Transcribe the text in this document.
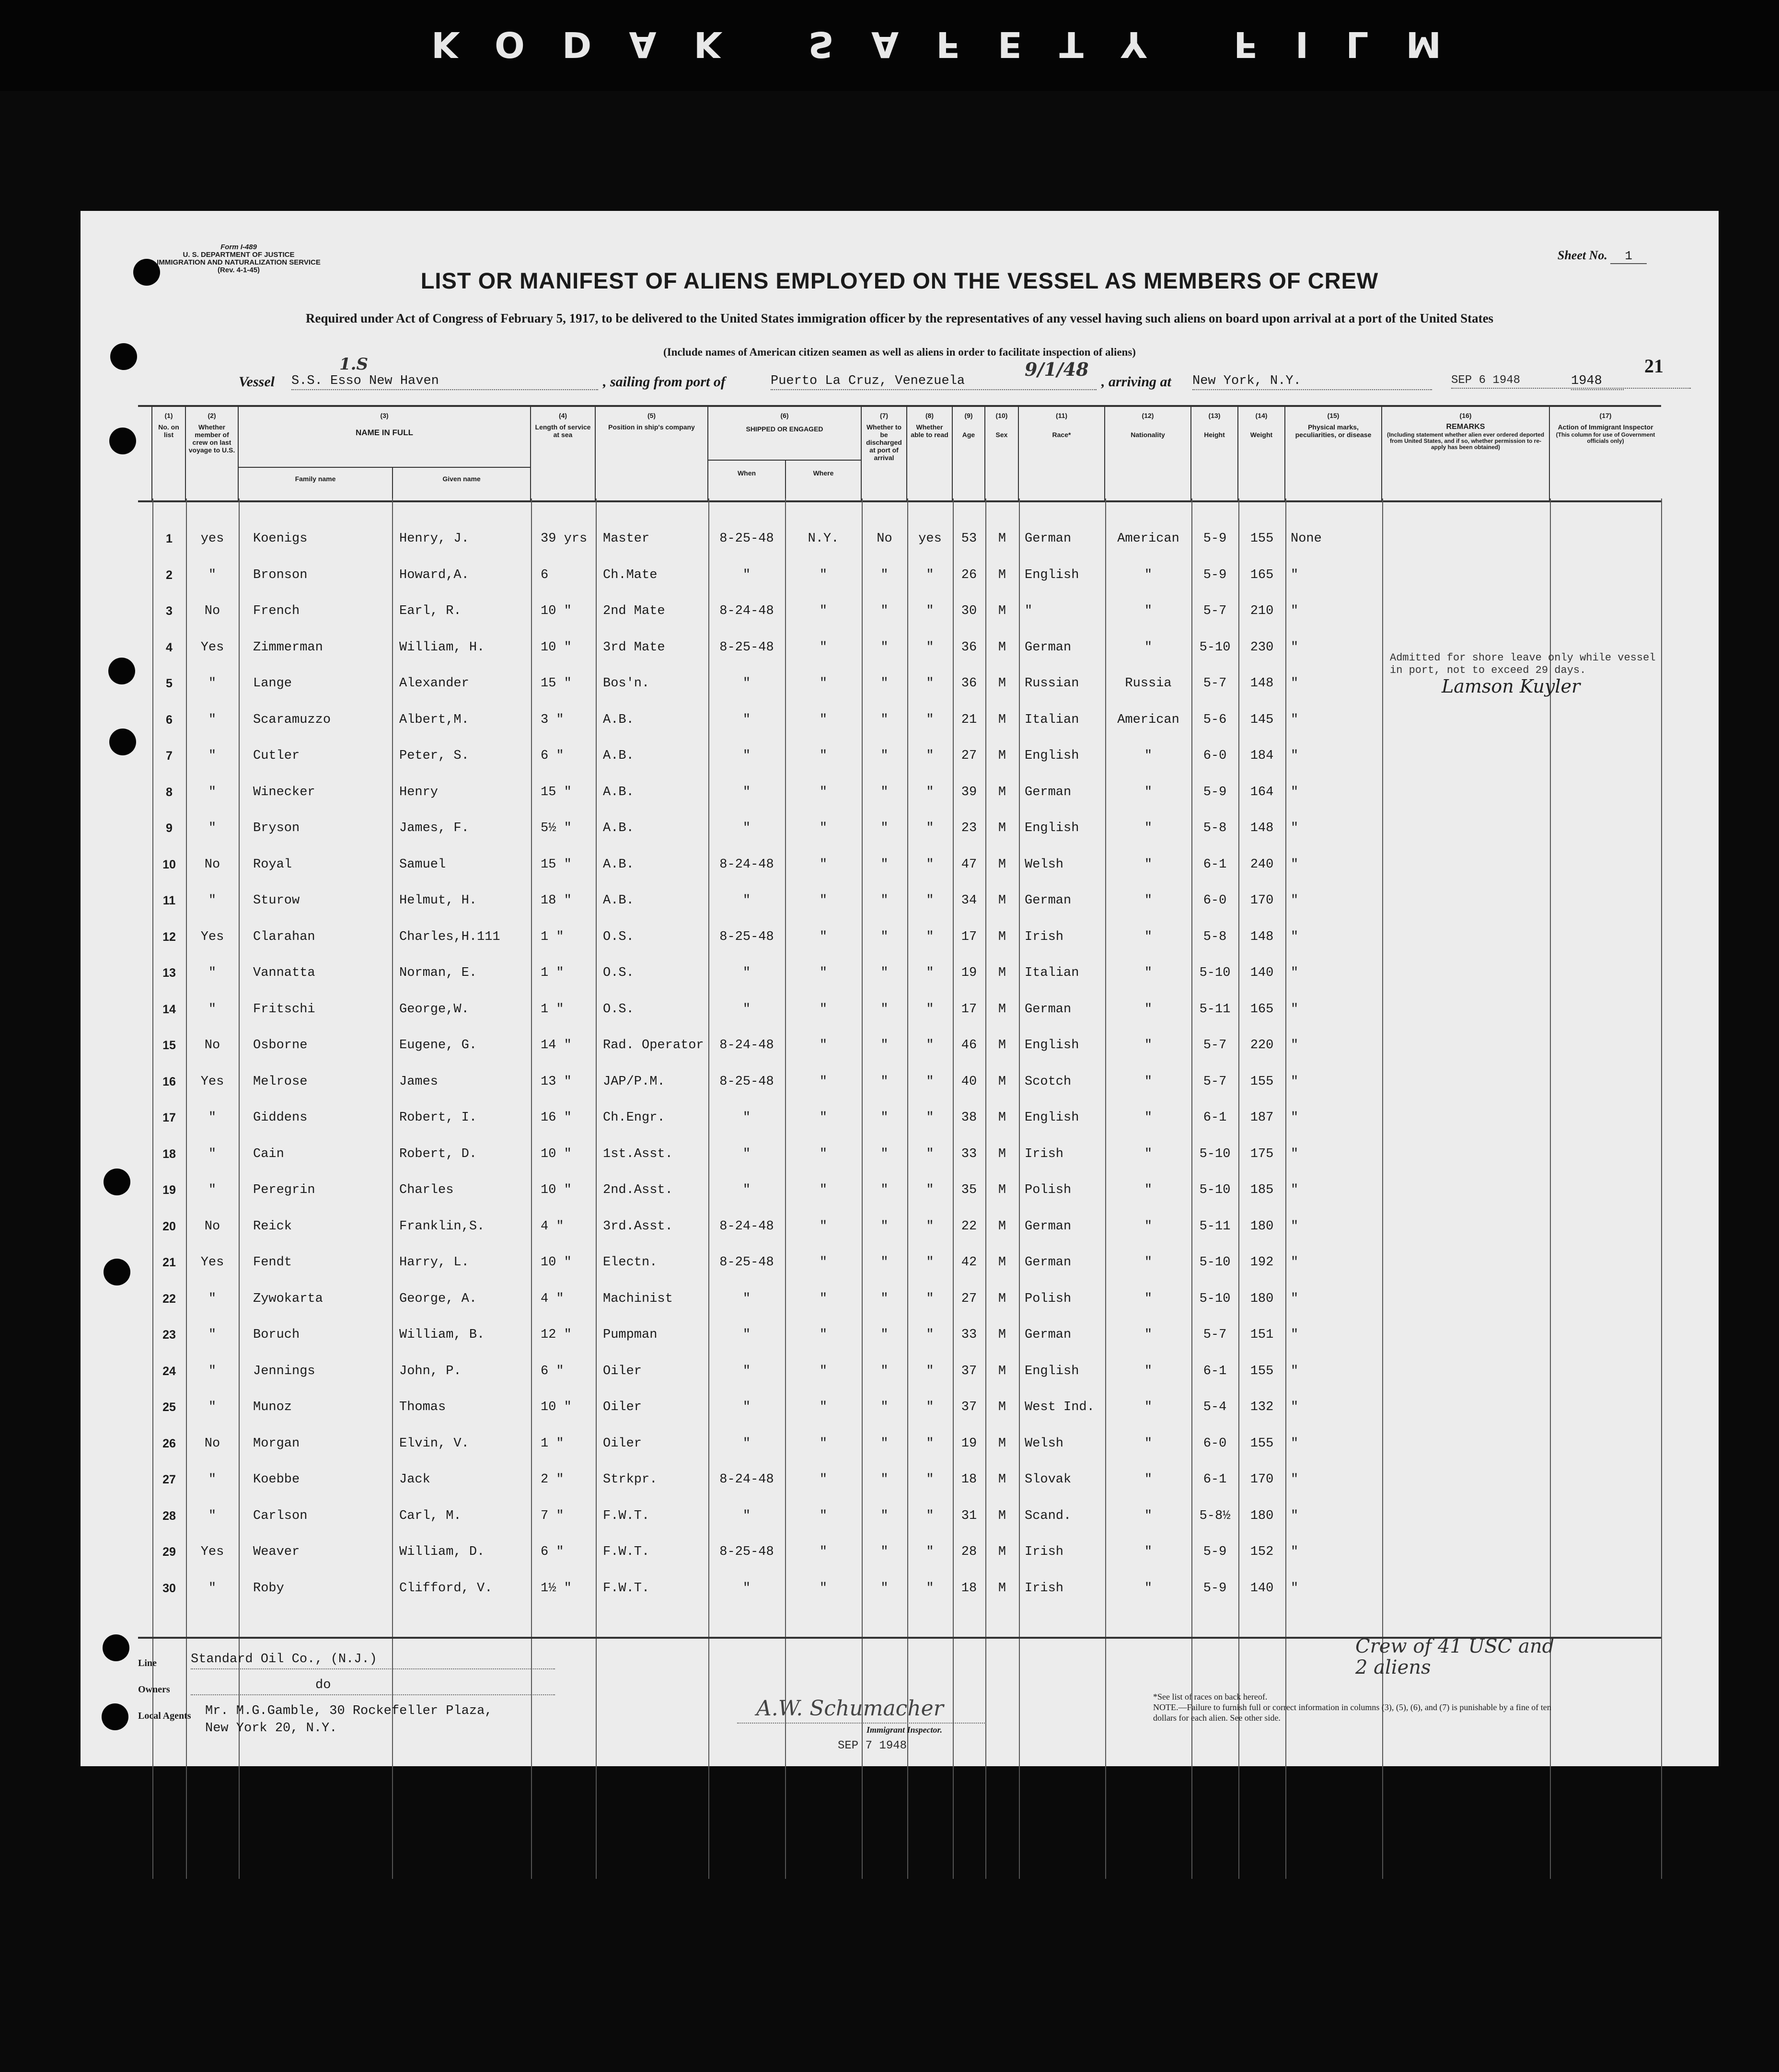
KODAK SAFETY FILM
Form I-489
U. S. DEPARTMENT OF JUSTICE
IMMIGRATION AND NATURALIZATION SERVICE
(Rev. 4-1-45)
Sheet No. 1
LIST OR MANIFEST OF ALIENS EMPLOYED ON THE VESSEL AS MEMBERS OF CREW
Required under Act of Congress of February 5, 1917, to be delivered to the United States immigration officer by the representatives of any vessel having such aliens on board upon arrival at a port of the United States
(Include names of American citizen seamen as well as aliens in order to facilitate inspection of aliens)
21
1.S
Vessel S.S. Esso New Haven	, sailing from port of	Puerto La Cruz, Venezuela
9/1/48
, arriving at New York, N.Y.	SEP 6 1948	1948
(1)
No. on list
(2)
Whether member of crew on last voyage to U.S.
(3)
NAME IN FULL
Family name	Given name
(4)
Length of service at sea
(5)
Position in ship's company
(6)
SHIPPED OR ENGAGED
When	Where
(7)
Whether to be discharged at port of arrival
(8)
Whether able to read
(9)
Age
(10)
Sex
(11)
Race*
(12)
Nationality
(13)
Height
(14)
Weight
(15)
Physical marks, peculiarities, or disease
(16)
REMARKS
(Including statement whether alien ever ordered deported from United States, and if so, whether permission to re-apply has been obtained)
(17)
Action of Immigrant Inspector
(This column for use of Government officials only)
Admitted for shore leave only while vessel in port, not to exceed 29 days.
Lamson Kuyler
1	yes	Koenigs	Henry, J.	39 yrs	Master	8-25-48	N.Y.	No	yes	53	M	German	American	5-9	155	None
2	"	Bronson	Howard,A.	6	Ch.Mate	"	"	"	"	26	M	English	"	5-9	165	"
3	No	French	Earl, R.	10 "	2nd Mate	8-24-48	"	"	"	30	M	"	"	5-7	210	"
4	Yes	Zimmerman	William, H.	10 "	3rd Mate	8-25-48	"	"	"	36	M	German	"	5-10	230	"
5	"	Lange	Alexander	15 "	Bos'n.	"	"	"	"	36	M	Russian	Russia	5-7	148	"
6	"	Scaramuzzo	Albert,M.	3 "	A.B.	"	"	"	"	21	M	Italian	American	5-6	145	"
7	"	Cutler	Peter, S.	6 "	A.B.	"	"	"	"	27	M	English	"	6-0	184	"
8	"	Winecker	Henry	15 "	A.B.	"	"	"	"	39	M	German	"	5-9	164	"
9	"	Bryson	James, F.	5½ "	A.B.	"	"	"	"	23	M	English	"	5-8	148	"
10	No	Royal	Samuel	15 "	A.B.	8-24-48	"	"	"	47	M	Welsh	"	6-1	240	"
11	"	Sturow	Helmut, H.	18 "	A.B.	"	"	"	"	34	M	German	"	6-0	170	"
12	Yes	Clarahan	Charles,H.111	1 "	O.S.	8-25-48	"	"	"	17	M	Irish	"	5-8	148	"
13	"	Vannatta	Norman, E.	1 "	O.S.	"	"	"	"	19	M	Italian	"	5-10	140	"
14	"	Fritschi	George,W.	1 "	O.S.	"	"	"	"	17	M	German	"	5-11	165	"
15	No	Osborne	Eugene, G.	14 "	Rad. Operator	8-24-48	"	"	"	46	M	English	"	5-7	220	"
16	Yes	Melrose	James	13 "	JAP/P.M.	8-25-48	"	"	"	40	M	Scotch	"	5-7	155	"
17	"	Giddens	Robert, I.	16 "	Ch.Engr.	"	"	"	"	38	M	English	"	6-1	187	"
18	"	Cain	Robert, D.	10 "	1st.Asst.	"	"	"	"	33	M	Irish	"	5-10	175	"
19	"	Peregrin	Charles	10 "	2nd.Asst.	"	"	"	"	35	M	Polish	"	5-10	185	"
20	No	Reick	Franklin,S.	4 "	3rd.Asst.	8-24-48	"	"	"	22	M	German	"	5-11	180	"
21	Yes	Fendt	Harry, L.	10 "	Electn.	8-25-48	"	"	"	42	M	German	"	5-10	192	"
22	"	Zywokarta	George, A.	4 "	Machinist	"	"	"	"	27	M	Polish	"	5-10	180	"
23	"	Boruch	William, B.	12 "	Pumpman	"	"	"	"	33	M	German	"	5-7	151	"
24	"	Jennings	John, P.	6 "	Oiler	"	"	"	"	37	M	English	"	6-1	155	"
25	"	Munoz	Thomas	10 "	Oiler	"	"	"	"	37	M	West Ind.	"	5-4	132	"
26	No	Morgan	Elvin, V.	1 "	Oiler	"	"	"	"	19	M	Welsh	"	6-0	155	"
27	"	Koebbe	Jack	2 "	Strkpr.	8-24-48	"	"	"	18	M	Slovak	"	6-1	170	"
28	"	Carlson	Carl, M.	7 "	F.W.T.	"	"	"	"	31	M	Scand.	"	5-8½	180	"
29	Yes	Weaver	William, D.	6 "	F.W.T.	8-25-48	"	"	"	28	M	Irish	"	5-9	152	"
30	"	Roby	Clifford, V.	1½ "	F.W.T.	"	"	"	"	18	M	Irish	"	5-9	140	"
Line	Standard Oil Co., (N.J.)
Owners	do
Local Agents Mr. M.G.Gamble, 30 Rockefeller Plaza,
New York 20, N.Y.
A.W. Schumacher
Immigrant Inspector.
SEP 7 1948
Crew of 41 USC and 2 aliens
*See list of races on back hereof.
NOTE.—Failure to furnish full or correct information in columns (3), (5), (6), and (7) is punishable by a fine of ten dollars for each alien. See other side.
